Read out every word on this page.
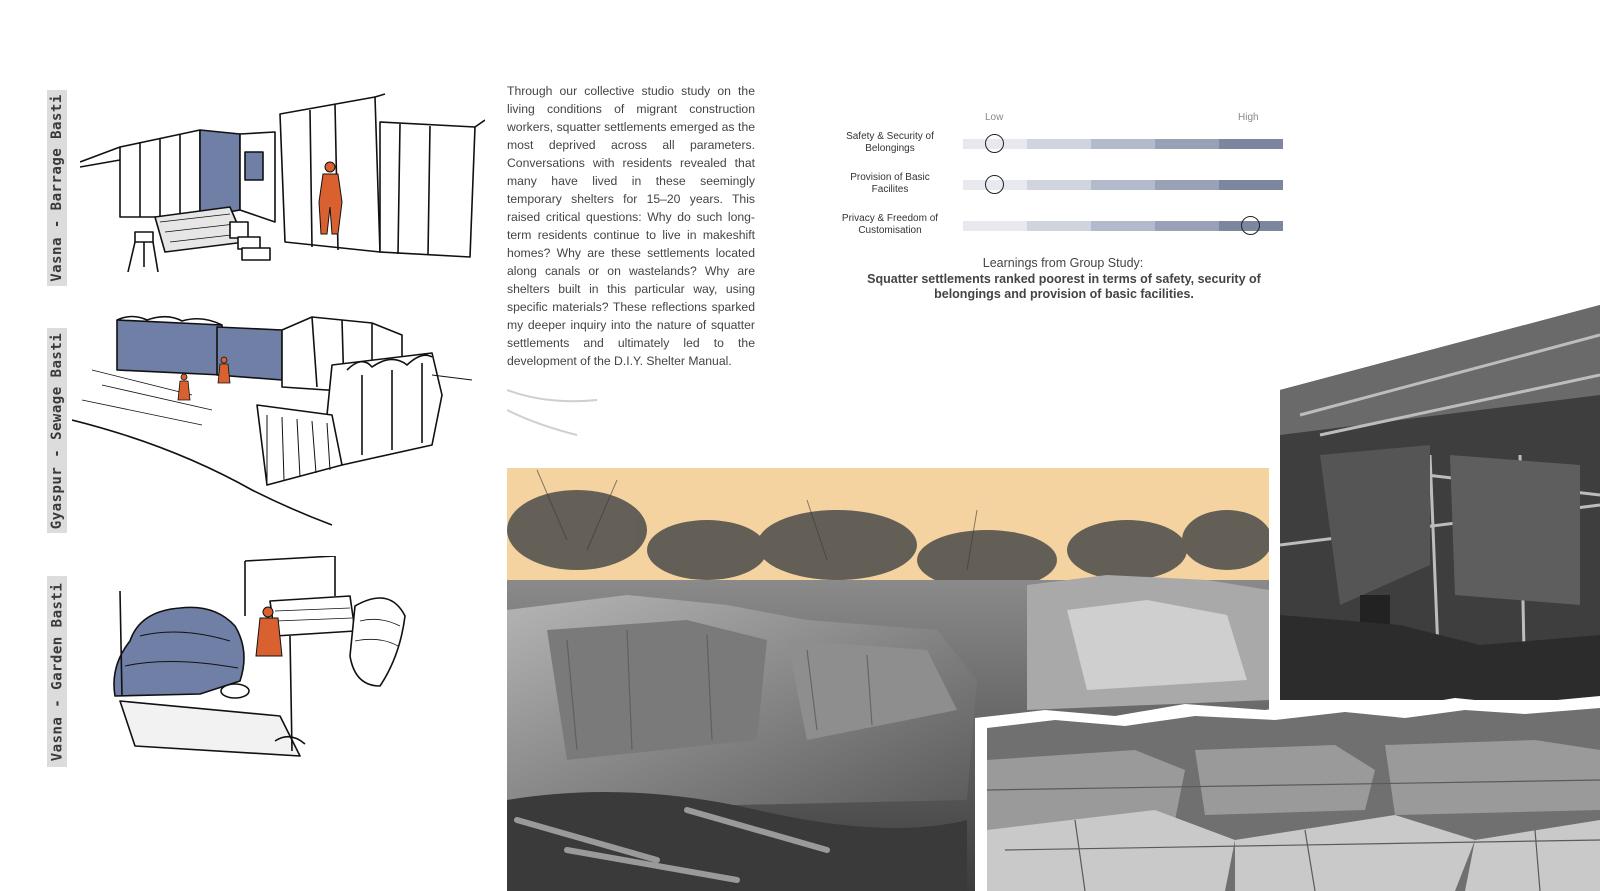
Vasna - Barrage Basti
Gyaspur - Sewage Basti
Vasna - Garden Basti
Through our collective studio study on the living conditions of migrant construction workers, squatter settlements emerged as the most deprived across all parameters. Conversations with residents revealed that many have lived in these seemingly temporary shelters for 15–20 years. This raised critical questions: Why do such long-term residents continue to live in makeshift homes? Why are these settlements located along canals or on wastelands? Why are shelters built in this particular way, using specific materials? These reflections sparked my deeper inquiry into the nature of squatter settlements and ultimately led to the development of the D.I.Y. Shelter Manual.
Low	High
Safety & Security of Belongings
Provision of Basic Facilites
Privacy & Freedom of Customisation
Learnings from Group Study:
Squatter settlements ranked poorest in terms of safety, security of belongings and provision of basic facilities.
